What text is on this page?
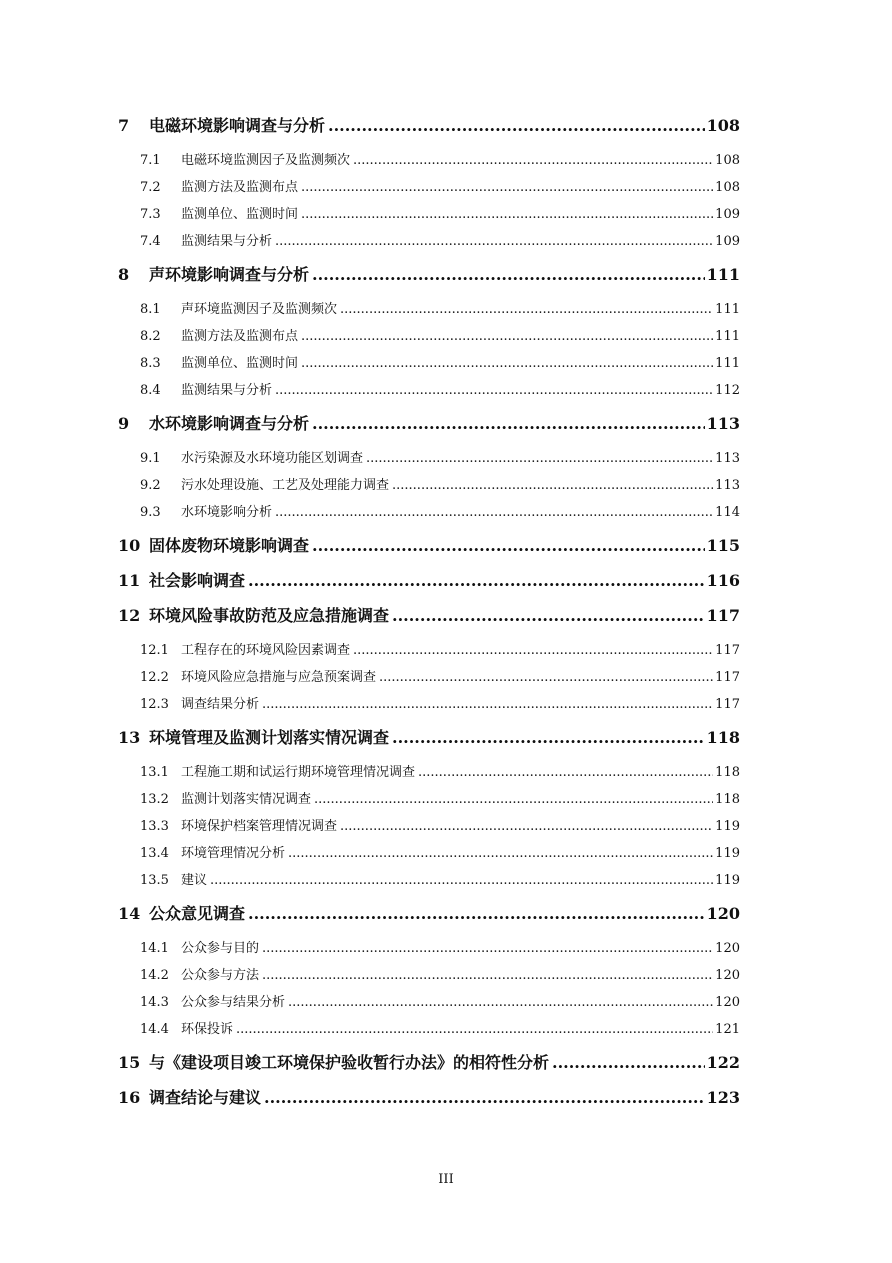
7	电磁环境影响调查与分析 .....	108
7.1	电磁环境监测因子及监测频次 .....	108
7.2	监测方法及监测布点 .....	108
7.3	监测单位、监测时间 .....	109
7.4	监测结果与分析 .....	109
8	声环境影响调查与分析 .....	111
8.1	声环境监测因子及监测频次 .....	111
8.2	监测方法及监测布点 .....	111
8.3	监测单位、监测时间 .....	111
8.4	监测结果与分析 .....	112
9	水环境影响调查与分析 .....	113
9.1	水污染源及水环境功能区划调查 .....	113
9.2	污水处理设施、工艺及处理能力调查 .....	113
9.3	水环境影响分析 .....	114
10 固体废物环境影响调查 .....	115
11 社会影响调查 .....	116
12 环境风险事故防范及应急措施调查 .....	117
12.1 工程存在的环境风险因素调查 .....	117
12.2 环境风险应急措施与应急预案调查 .....	117
12.3 调查结果分析 .....	117
13 环境管理及监测计划落实情况调查 .....	118
13.1 工程施工期和试运行期环境管理情况调查 .....	118
13.2 监测计划落实情况调查 .....	118
13.3 环境保护档案管理情况调查 .....	119
13.4 环境管理情况分析 .....	119
13.5 建议 .....	119
14 公众意见调查 .....	120
14.1 公众参与目的 .....	120
14.2 公众参与方法 .....	120
14.3 公众参与结果分析 .....	120
14.4 环保投诉 .....	121
15 与《建设项目竣工环境保护验收暂行办法》的相符性分析 .....	122
16 调查结论与建议 .....	123
III
